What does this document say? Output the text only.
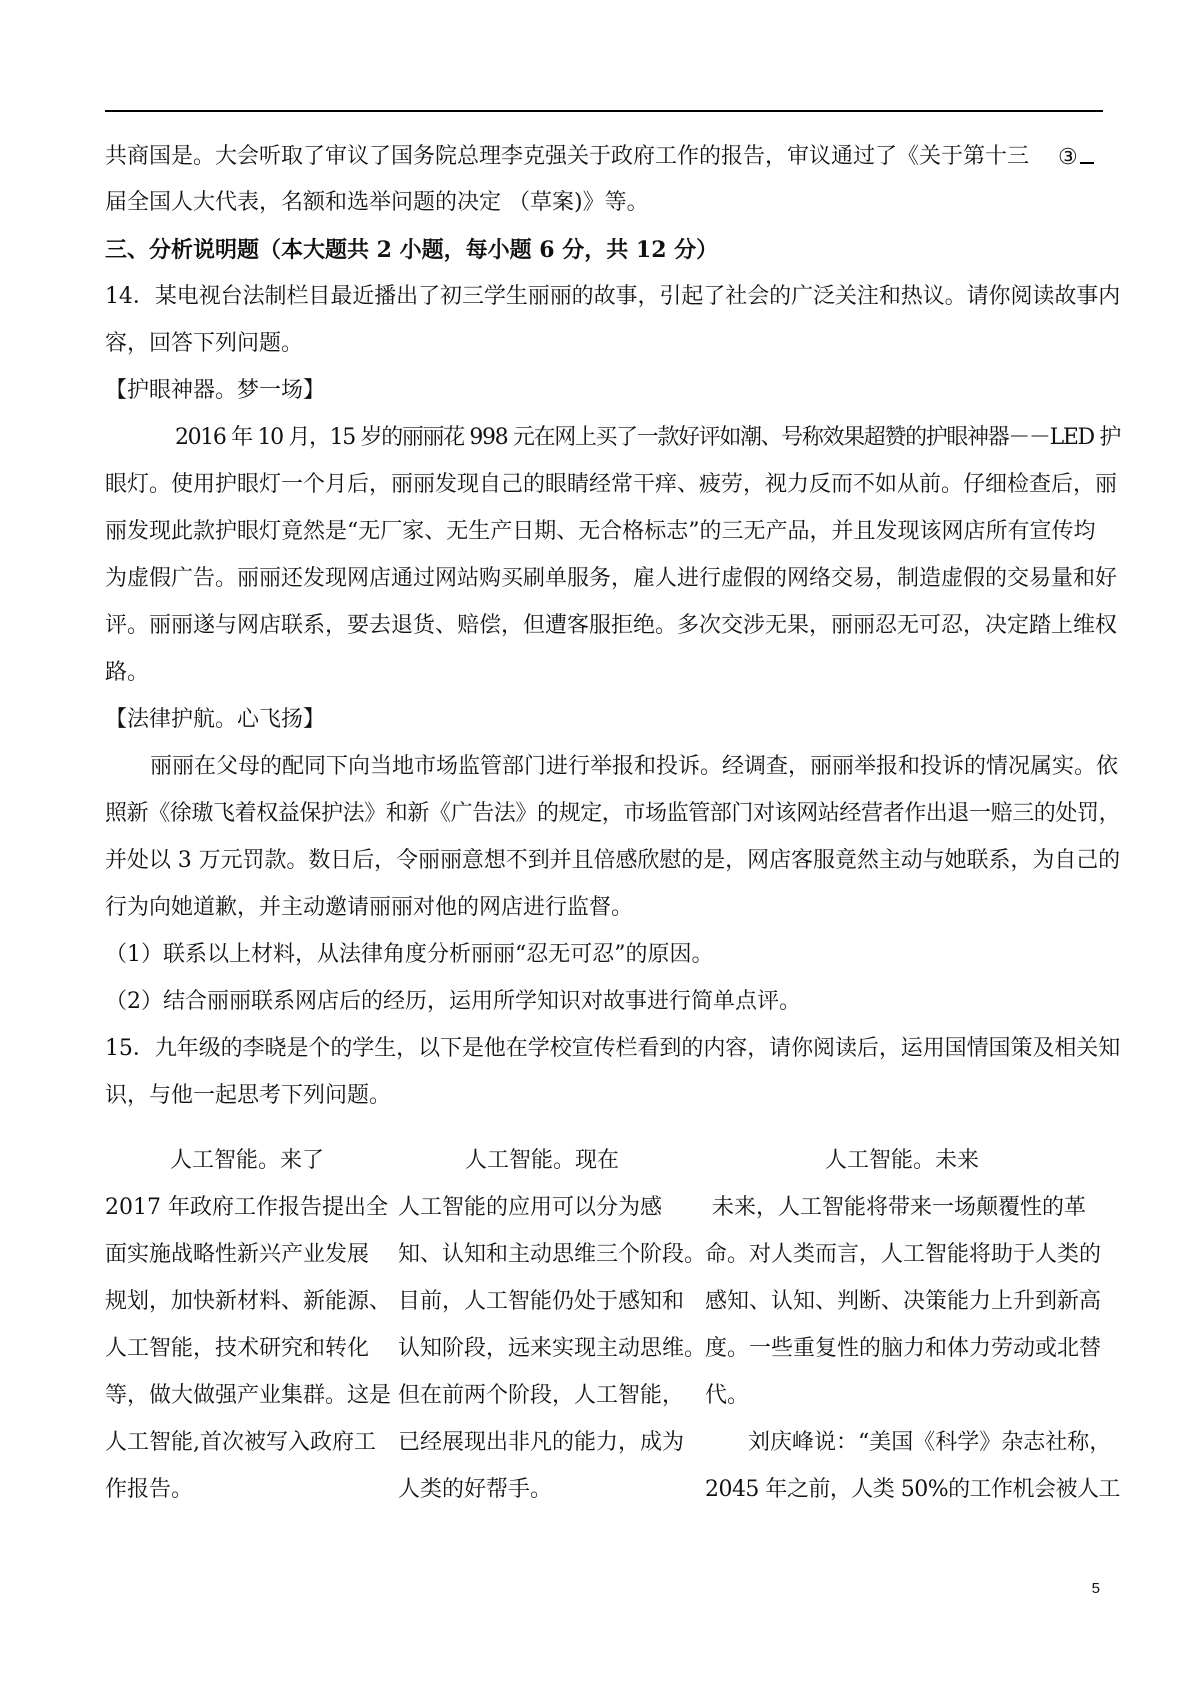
共商国是。大会听取了审议了国务院总理李克强关于政府工作的报告，审议通过了《关于第十三 ③
届全国人大代表，名额和选举问题的决定 （草案)》等。
三、分析说明题（本大题共 2 小题，每小题 6 分，共 12 分）
14．某电视台法制栏目最近播出了初三学生丽丽的故事，引起了社会的广泛关注和热议。请你阅读故事内
容，回答下列问题。
【护眼神器。梦一场】
2016 年 10 月，15 岁的丽丽花 998 元在网上买了一款好评如潮、号称效果超赞的护眼神器－－LED 护
眼灯。使用护眼灯一个月后，丽丽发现自己的眼睛经常干痒、疲劳，视力反而不如从前。仔细检查后，丽
丽发现此款护眼灯竟然是“无厂家、无生产日期、无合格标志”的三无产品，并且发现该网店所有宣传均
为虚假广告。丽丽还发现网店通过网站购买刷单服务，雇人进行虚假的网络交易，制造虚假的交易量和好
评。丽丽遂与网店联系，要去退货、赔偿，但遭客服拒绝。多次交涉无果，丽丽忍无可忍，决定踏上维权
路。
【法律护航。心飞扬】
丽丽在父母的配同下向当地市场监管部门进行举报和投诉。经调查，丽丽举报和投诉的情况属实。依
照新《徐璈飞着权益保护法》和新《广告法》的规定，市场监管部门对该网站经营者作出退一赔三的处罚，
并处以 3 万元罚款。数日后，令丽丽意想不到并且倍感欣慰的是，网店客服竟然主动与她联系，为自己的
行为向她道歉，并主动邀请丽丽对他的网店进行监督。
（1）联系以上材料，从法律角度分析丽丽“忍无可忍”的原因。
（2）结合丽丽联系网店后的经历，运用所学知识对故事进行简单点评。
15．九年级的李晓是个的学生，以下是他在学校宣传栏看到的内容，请你阅读后，运用国情国策及相关知
识，与他一起思考下列问题。
人工智能。来了	人工智能。现在	人工智能。未来
2017 年政府工作报告提出全
面实施战略性新兴产业发展
规划，加快新材料、新能源、
人工智能，技术研究和转化
等，做大做强产业集群。这是
人工智能,首次被写入政府工
作报告。
人工智能的应用可以分为感
知、认知和主动思维三个阶段。
目前，人工智能仍处于感知和
认知阶段，远来实现主动思维。
但在前两个阶段，人工智能，
已经展现出非凡的能力，成为
人类的好帮手。
未来，人工智能将带来一场颠覆性的革
命。对人类而言，人工智能将助于人类的
感知、认知、判断、决策能力上升到新高
度。一些重复性的脑力和体力劳动或北替
代。
刘庆峰说：“美国《科学》杂志社称，
2045 年之前，人类 50%的工作机会被人工
5
